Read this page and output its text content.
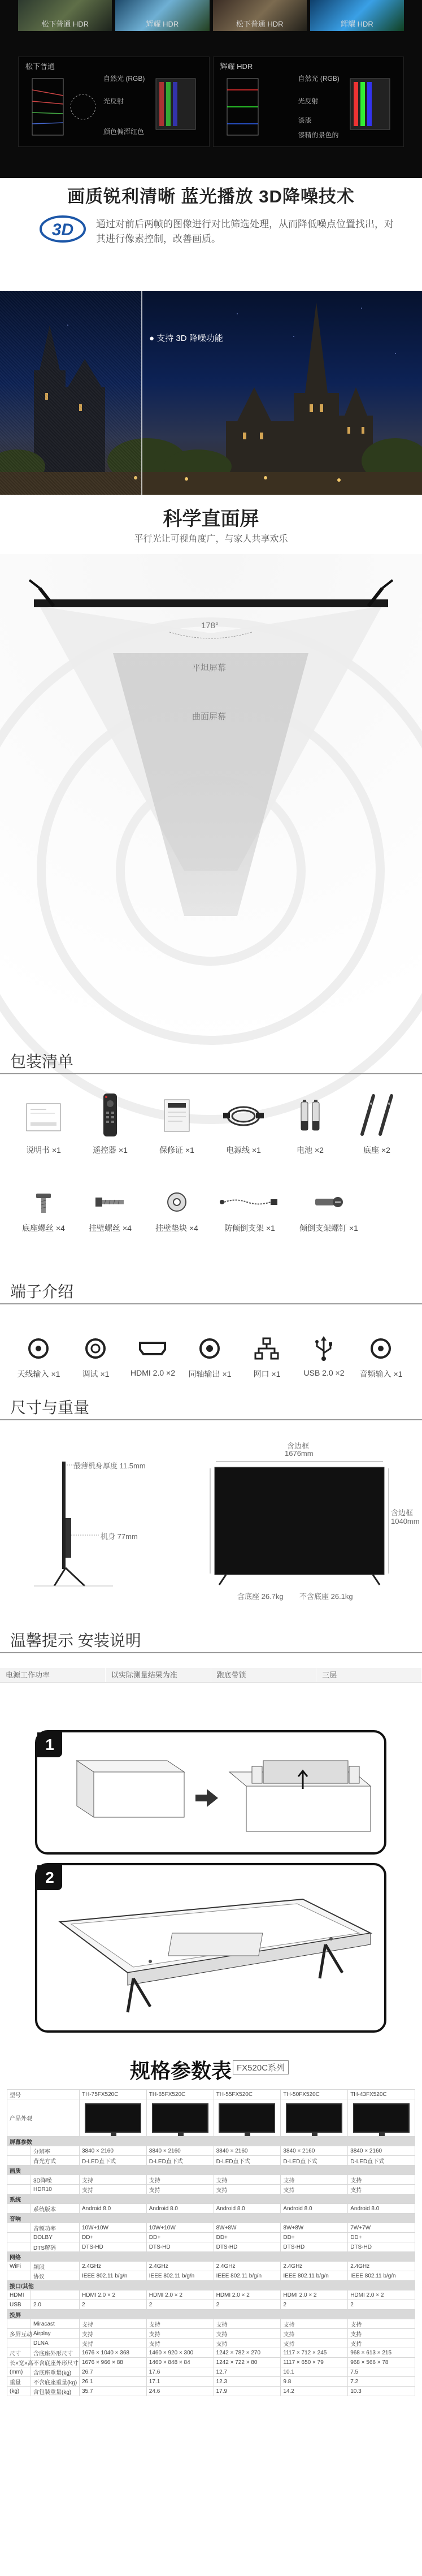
松下普通 HDR	辉耀 HDR	松下普通 HDR	辉耀 HDR
松下普通
自然光 (RGB)
光反射
颜色偏浑红色
辉耀 HDR
自然光 (RGB)
光反射
漆漆
漆精的景色的
画质锐利清晰 蓝光播放 3D降噪技术
3D 通过对前后两帧的图像进行对比筛选处理，从而降低噪点位置找出，对其进行像素控制，改善画质。
● 支持 3D 降噪功能
科学直面屏
平行光让可视角度广，与家人共享欢乐
178°
平坦屏幕
曲面屏幕
包装清单
说明书 ×1	遥控器 ×1	保修证 ×1	电源线 ×1	电池 ×2	底座 ×2
底座螺丝 ×4	挂壁螺丝 ×4	挂壁垫块 ×4	防倾倒支架 ×1	倾倒支架螺钉 ×1
端子介绍
天线输入 ×1	调试 ×1	HDMI 2.0 ×2	同轴输出 ×1	网口 ×1	USB 2.0 ×2	音频输入 ×1
尺寸与重量
最薄机身厚度 11.5mm
机身 77mm
含边框
1676mm
含边框
1040mm
含底座 26.7kg 不含底座 26.1kg
温馨提示 安装说明
电源工作功率	以实际测量结果为准	跑底带锁	三层
1
2
规格参数表 FX520C系列
型号		TH-75FX520C	TH-65FX520C	TH-55FX520C	TH-50FX520C	TH-43FX520C
产品外观		

屏幕参数						
	分辨率	3840 × 2160	3840 × 2160	3840 × 2160	3840 × 2160	3840 × 2160
	背光方式	D-LED直下式	D-LED直下式	D-LED直下式	D-LED直下式	D-LED直下式
画质						
	3D降噪	支持	支持	支持	支持	支持
	HDR10	支持	支持	支持	支持	支持
系统						
	系统版本	Android 8.0	Android 8.0	Android 8.0	Android 8.0	Android 8.0
音响						
	音频功率	10W+10W	10W+10W	8W+8W	8W+8W	7W+7W
	DOLBY	DD+	DD+	DD+	DD+	DD+
	DTS解码	DTS-HD	DTS-HD	DTS-HD	DTS-HD	DTS-HD
网络						
WiFi	频段	2.4GHz	2.4GHz	2.4GHz	2.4GHz	2.4GHz
	协议	IEEE 802.11 b/g/n	IEEE 802.11 b/g/n	IEEE 802.11 b/g/n	IEEE 802.11 b/g/n	IEEE 802.11 b/g/n
接口/其他						
HDMI		HDMI 2.0 × 2	HDMI 2.0 × 2	HDMI 2.0 × 2	HDMI 2.0 × 2	HDMI 2.0 × 2
USB	2.0	2	2	2	2	2
投屏						
	Miracast	支持	支持	支持	支持	支持
多屏互动	Airplay	支持	支持	支持	支持	支持
	DLNA	支持	支持	支持	支持	支持
尺寸	含底座外形尺寸	1676 × 1040 × 368	1460 × 920 × 300	1242 × 782 × 270	1117 × 712 × 245	968 × 613 × 215
长×宽×高	不含底座外形尺寸	1676 × 966 × 88	1460 × 848 × 84	1242 × 722 × 80	1117 × 650 × 79	968 × 566 × 78
(mm)	含底座重量(kg)	26.7	17.6	12.7	10.1	7.5
重量	不含底座重量(kg)	26.1	17.1	12.3	9.8	7.2
(kg)	含包装重量(kg)	35.7	24.6	17.9	14.2	10.3
